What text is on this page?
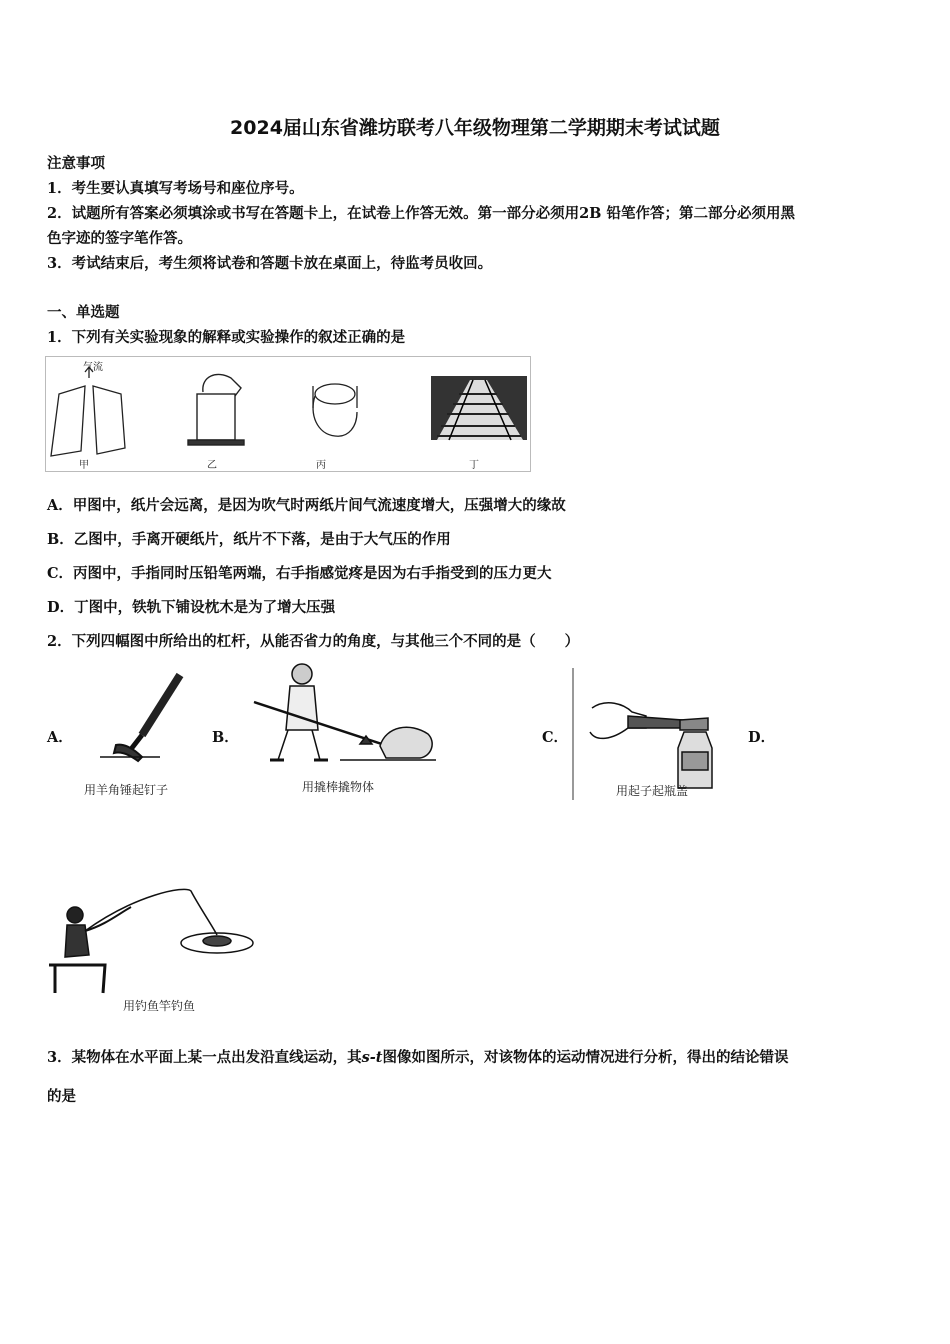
2024届山东省潍坊联考八年级物理第二学期期末考试试题
注意事项
1．考生要认真填写考场号和座位序号。
2．试题所有答案必须填涂或书写在答题卡上，在试卷上作答无效。第一部分必须用2B 铅笔作答；第二部分必须用黑
色字迹的签字笔作答。
3．考试结束后，考生须将试卷和答题卡放在桌面上，待监考员收回。
一、单选题
1．下列有关实验现象的解释或实验操作的叙述正确的是
气流
甲	乙	丙	丁
A．甲图中，纸片会远离，是因为吹气时两纸片间气流速度增大，压强增大的缘故
B．乙图中，手离开硬纸片，纸片不下落，是由于大气压的作用
C．丙图中，手指同时压铅笔两端，右手指感觉疼是因为右手指受到的压力更大
D．丁图中，铁轨下铺设枕木是为了增大压强
2．下列四幅图中所给出的杠杆，从能否省力的角度，与其他三个不同的是（　　）
A．	B．	C．	D．
用羊角锤起钉子	用撬棒撬物体	用起子起瓶盖
用钓鱼竿钓鱼
3．某物体在水平面上某一点出发沿直线运动，其s-t图像如图所示，对该物体的运动情况进行分析，得出的结论错误
的是
